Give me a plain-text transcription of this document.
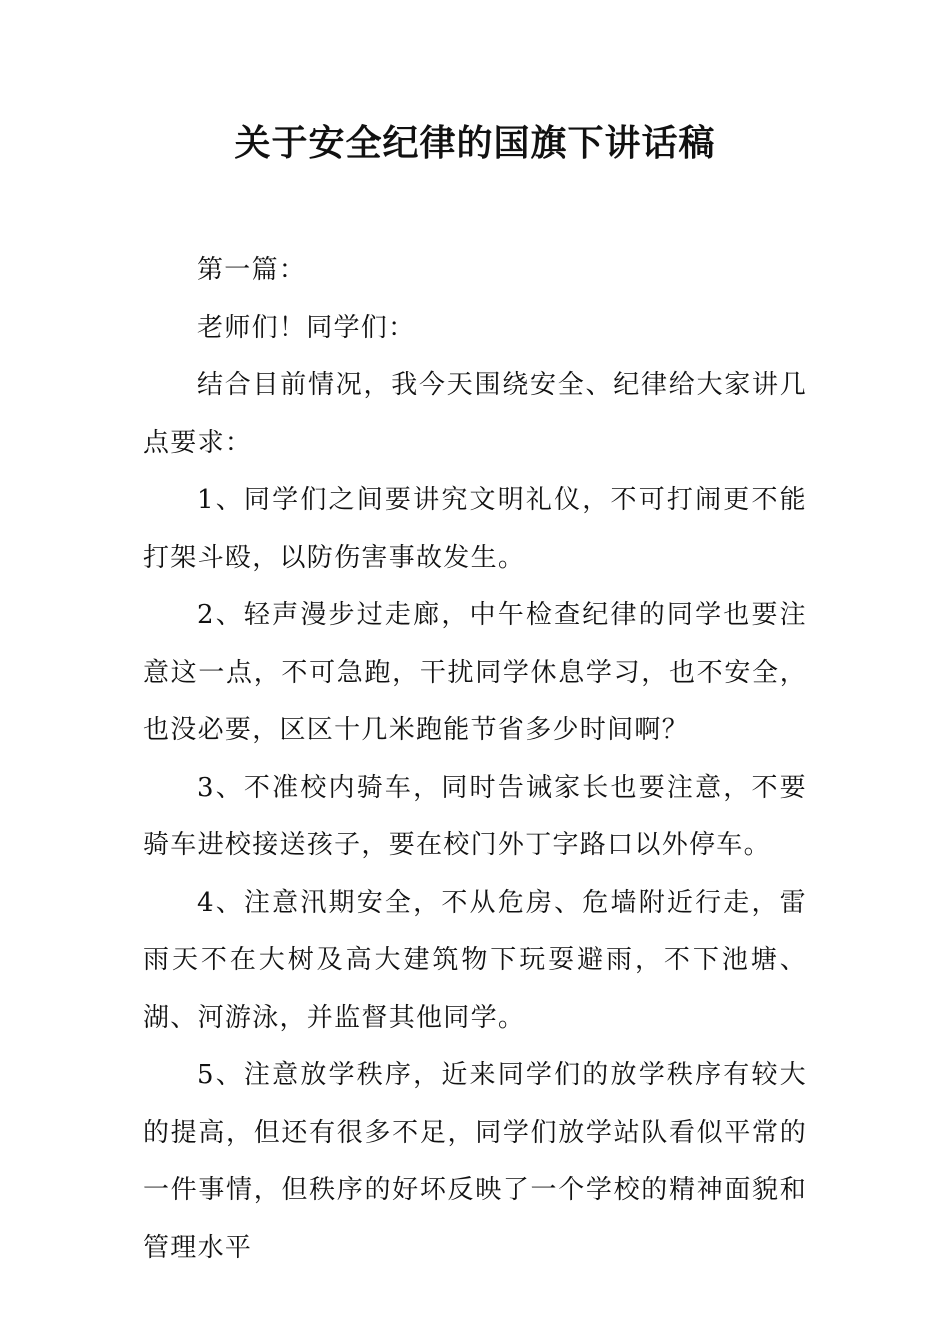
关于安全纪律的国旗下讲话稿

第一篇：

老师们！同学们：

结合目前情况，我今天围绕安全、纪律给大家讲几点要求：

1、同学们之间要讲究文明礼仪，不可打闹更不能打架斗殴，以防伤害事故发生。

2、轻声漫步过走廊，中午检查纪律的同学也要注意这一点，不可急跑，干扰同学休息学习，也不安全，也没必要，区区十几米跑能节省多少时间啊？

3、不准校内骑车，同时告诫家长也要注意，不要骑车进校接送孩子，要在校门外丁字路口以外停车。

4、注意汛期安全，不从危房、危墙附近行走，雷雨天不在大树及高大建筑物下玩耍避雨，不下池塘、湖、河游泳，并监督其他同学。

5、注意放学秩序，近来同学们的放学秩序有较大的提高，但还有很多不足，同学们放学站队看似平常的一件事情，但秩序的好坏反映了一个学校的精神面貌和管理水平
